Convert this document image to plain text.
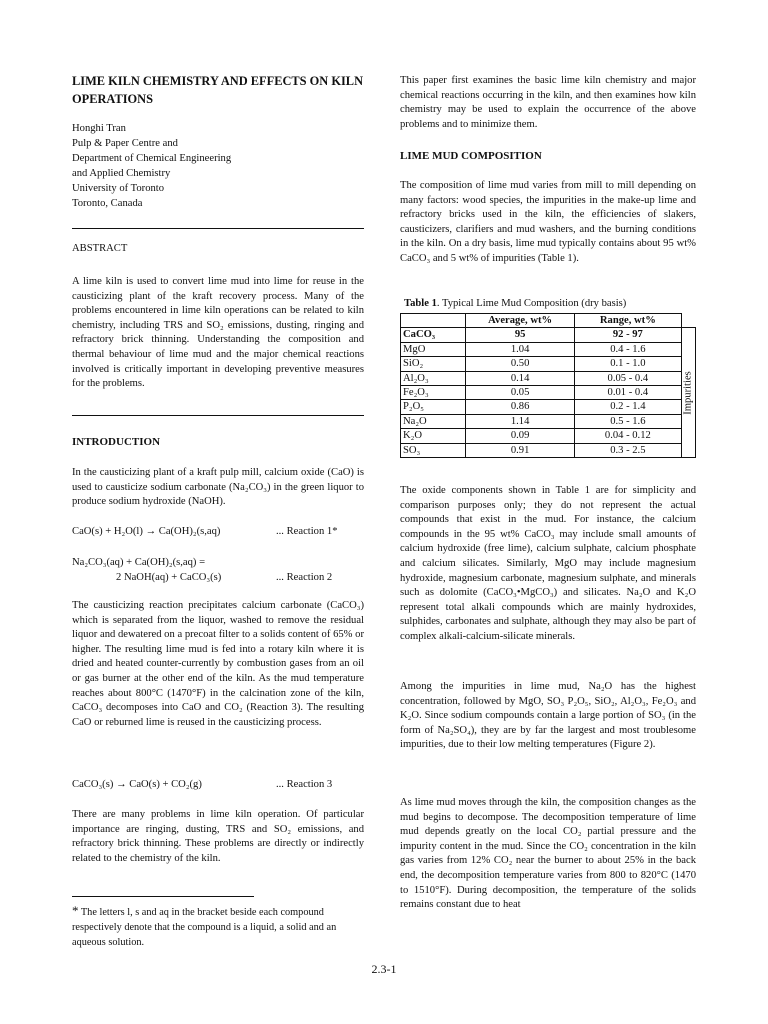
LIME KILN CHEMISTRY AND EFFECTS ON KILN OPERATIONS
Honghi Tran
Pulp & Paper Centre and
Department of Chemical Engineering
and Applied Chemistry
University of Toronto
Toronto, Canada
ABSTRACT

A lime kiln is used to convert lime mud into lime for reuse in the causticizing plant of the kraft recovery process. Many of the problems encountered in lime kiln operations can be related to kiln chemistry, including TRS and SO₂ emissions, dusting, ringing and refractory brick thinning. Understanding the composition and thermal behaviour of lime mud and the major chemical reactions involved is critically important in developing preventive measures for the problems.

INTRODUCTION

In the causticizing plant of a kraft pulp mill, calcium oxide (CaO) is used to causticize sodium carbonate (Na₂CO₃) in the green liquor to produce sodium hydroxide (NaOH).

CaO(s) + H₂O(l) → Ca(OH)₂(s,aq)	... Reaction 1*
Na₂CO₃(aq) + Ca(OH)₂(s,aq) =
2 NaOH(aq) + CaCO₃(s)	... Reaction 2

The causticizing reaction precipitates calcium carbonate (CaCO₃) which is separated from the liquor, washed to remove the residual liquor and dewatered on a precoat filter to a solids content of 65% or higher. The resulting lime mud is fed into a rotary kiln where it is dried and heated counter-currently by combustion gases from an oil or gas burner at the other end of the kiln. As the mud temperature reaches about 800°C (1470°F) in the calcination zone of the kiln, CaCO₃ decomposes into CaO and CO₂ (Reaction 3). The resulting CaO or reburned lime is reused in the causticizing process.

CaCO₃(s) → CaO(s) + CO₂(g)	... Reaction 3

There are many problems in lime kiln operation. Of particular importance are ringing, dusting, TRS and SO₂ emissions, and refractory brick thinning. These problems are directly or indirectly related to the chemistry of the kiln.

* The letters l, s and aq in the bracket beside each compound respectively denote that the compound is a liquid, a solid and an aqueous solution.

This paper first examines the basic lime kiln chemistry and major chemical reactions occurring in the kiln, and then examines how kiln chemistry may be used to explain the occurrence of the above problems and to minimize them.

LIME MUD COMPOSITION

The composition of lime mud varies from mill to mill depending on many factors: wood species, the impurities in the make-up lime and refractory bricks used in the kiln, the efficiencies of slakers, causticizers, clarifiers and mud washers, and the burning conditions in the kiln. On a dry basis, lime mud typically contains about 95 wt% CaCO₃ and 5 wt% of impurities (Table 1).

Table 1. Typical Lime Mud Composition (dry basis)
	Average, wt%	Range, wt%	
CaCO₃	95	92 - 97	Impurities

MgO	1.04	0.4 - 1.6	
SiO₂	0.50	0.1 - 1.0	
Al₂O₃	0.14	0.05 - 0.4	
Fe₂O₃	0.05	0.01 - 0.4	
P₂O₅	0.86	0.2 - 1.4	
Na₂O	1.14	0.5 - 1.6	
K₂O	0.09	0.04 - 0.12	
SO₃	0.91	0.3 - 2.5	

The oxide components shown in Table 1 are for simplicity and comparison purposes only; they do not represent the actual compounds that exist in the mud. For instance, the calcium compounds in the 95 wt% CaCO₃ may include small amounts of calcium hydroxide (free lime), calcium sulphate, calcium phosphate and calcium silicates. Similarly, MgO may include magnesium hydroxide, magnesium carbonate, magnesium sulphate, and minerals such as dolomite (CaCO₃•MgCO₃) and silicates. Na₂O and K₂O represent total alkali compounds which are mainly hydroxides, sulphides, carbonates and sulphate, although they may also be part of complex alkali-calcium-silicate minerals.

Among the impurities in lime mud, Na₂O has the highest concentration, followed by MgO, SO₃ P₂O₅, SiO₂, Al₂O₃, Fe₂O₃ and K₂O. Since sodium compounds contain a large portion of SO₃ (in the form of Na₂SO₄), they are by far the largest and most troublesome impurities, due to their low melting temperatures (Figure 2).

As lime mud moves through the kiln, the composition changes as the mud begins to decompose. The decomposition temperature of lime mud depends greatly on the local CO₂ partial pressure and the impurity content in the mud. Since the CO₂ concentration in the kiln gas varies from 12% CO₂ near the burner to about 25% in the back end, the decomposition temperature varies from 800 to 820°C (1470 to 1510°F). During decomposition, the temperature of the solids remains constant due to heat

2.3-1
